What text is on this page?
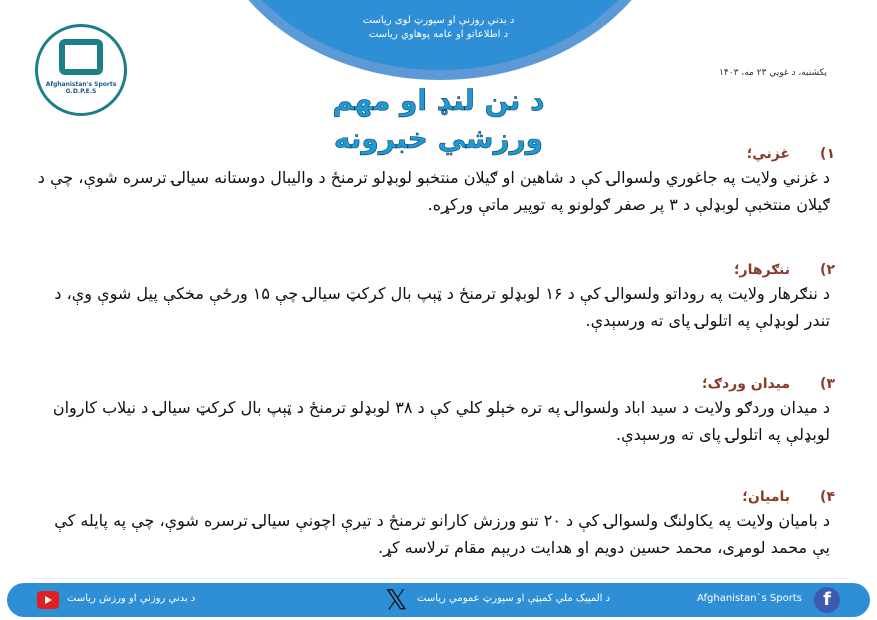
د بدني روزنې او سپورټ لوی ریاست
د اطلاعاتو او عامه پوهاوي ریاست
Afghanistan's Sports
G.D.P.E.S
یکشنبه، د غویي ۲۳ مه، ۱۴۰۳
د نن لنډ او مهم
ورزشي خبرونه	۱)غزني؛
د غزني ولایت په جاغوري ولسوالۍ کې د شاهین او ګیلان منتخبو لوبډلو ترمنځ د والیبال دوستانه سیالۍ ترسره شوې، چې د ګیلان منتخبې لوبډلې د ۳ پر صفر ګولونو په توپیر ماتې ورکړه.
۲)ننګرهار؛
د ننګرهار ولایت په روداتو ولسوالۍ کې د ۱۶ لوبډلو ترمنځ د ټېپ بال کرکټ سیالۍ چې ۱۵ ورځې مخکې پیل شوې وې، د تندر لوبډلې په اتلولۍ پای ته ورسېدې.
۳)میدان وردګ؛
د میدان وردګو ولایت د سید اباد ولسوالۍ په تره خېلو کلي کې د ۳۸ لوبډلو ترمنځ د ټېپ بال کرکټ سیالۍ د نیلاب کاروان لوبډلې په اتلولۍ پای ته ورسېدې.
۴)بامیان؛
د بامیان ولایت په یکاولنګ ولسوالۍ کې د ۲۰ تنو ورزش کارانو ترمنځ د تیرې اچونې سیالۍ ترسره شوې، چې په پایله کې یې محمد لومړی، محمد حسین دویم او هدایت دریېم مقام ترلاسه کړ.
د بدني روزنې او ورزش ریاست	𝕏 د المپیک ملي کمېټې او سپورټ عمومي ریاست	Afghanistan`s Sports	f
